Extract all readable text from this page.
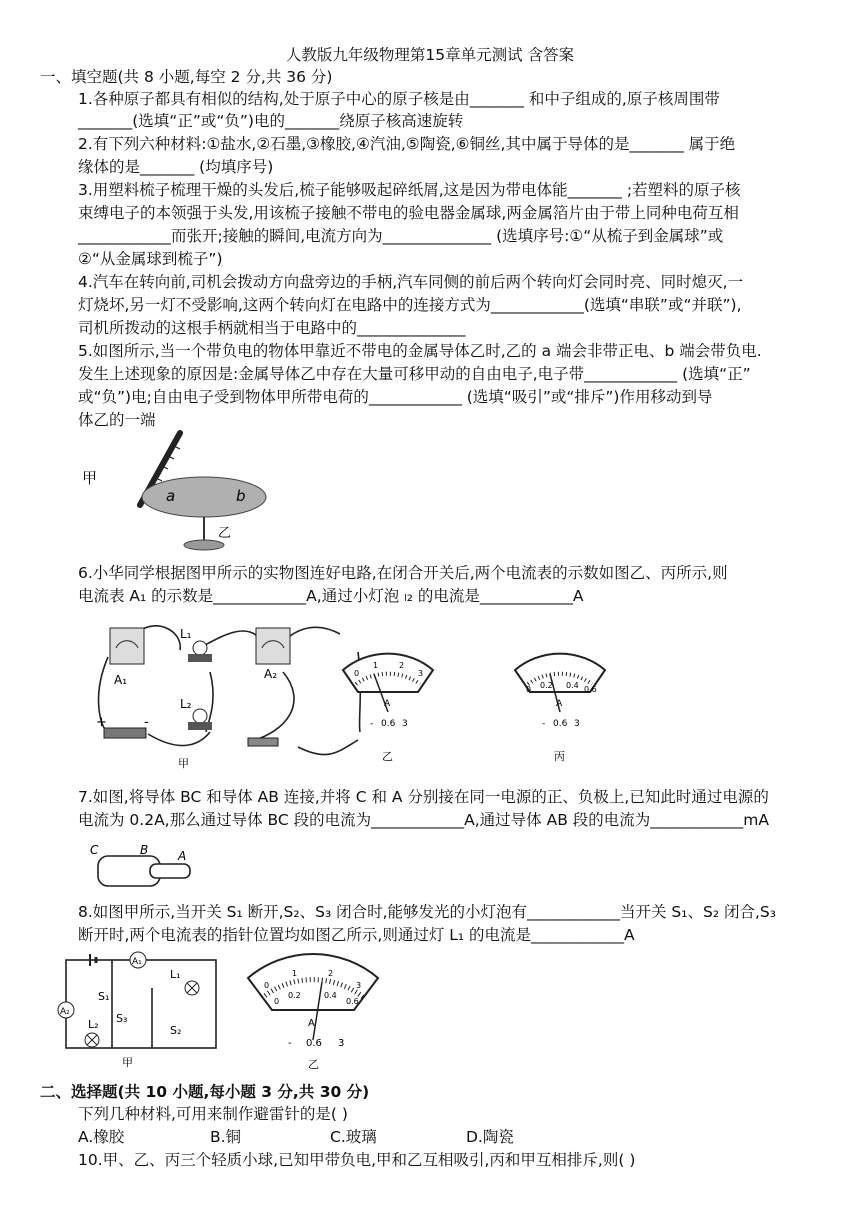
人教版九年级物理第15章单元测试 含答案
一、填空题(共 8 小题,每空 2 分,共 36 分)
1.各种原子都具有相似的结构,处于原子中心的原子核是由_______ 和中子组成的,原子核周围带
_______(选填“正”或“负”)电的_______绕原子核高速旋转
2.有下列六种材料:①盐水,②石墨,③橡胶,④汽油,⑤陶瓷,⑥铜丝,其中属于导体的是_______ 属于绝
缘体的是_______ (均填序号)
3.用塑料梳子梳理干燥的头发后,梳子能够吸起碎纸屑,这是因为带电体能_______ ;若塑料的原子核
束缚电子的本领强于头发,用该梳子接触不带电的验电器金属球,两金属箔片由于带上同种电荷互相
____________而张开;接触的瞬间,电流方向为______________ (选填序号:①“从梳子到金属球”或
②“从金属球到梳子”)
4.汽车在转向前,司机会拨动方向盘旁边的手柄,汽车同侧的前后两个转向灯会同时亮、同时熄灭,一
灯烧坏,另一灯不受影响,这两个转向灯在电路中的连接方式为____________(选填“串联”或“并联”),
司机所拨动的这根手柄就相当于电路中的______________
5.如图所示,当一个带负电的物体甲靠近不带电的金属导体乙时,乙的 a 端会非带正电、b 端会带负电.
发生上述现象的原因是:金属导体乙中存在大量可移甲动的自由电子,电子带____________ (选填“正”
或“负”)电;自由电子受到物体甲所带电荷的____________ (选填“吸引”或“排斥”)作用移动到导
体乙的一端
甲
a	b
乙
6.小华同学根据图甲所示的实物图连好电路,在闭合开关后,两个电流表的示数如图乙、丙所示,则
电流表 A₁ 的示数是____________A,通过小灯泡 ₗ₂ 的电流是____________A
A₁	A₂
L₁
L₂
+	-
甲
0
1	2
3
A
- 0.6 3
乙
0 0.2 0.4 0.6
A
- 0.6 3
丙
7.如图,将导体 BC 和导体 AB 连接,并将 C 和 A 分别接在同一电源的正、负极上,已知此时通过电源的
电流为 0.2A,那么通过导体 BC 段的电流为____________A,通过导体 AB 段的电流为____________mA
C	B A
8.如图甲所示,当开关 S₁ 断开,S₂、S₃ 闭合时,能够发光的小灯泡有____________当开关 S₁、S₂ 闭合,S₃
断开时,两个电流表的指针位置均如图乙所示,则通过灯 L₁ 的电流是____________A
A₁
A₂
L₁
L₂
S₁
S₃
S₂
甲
0
1	2
3
0
0.2	0.4
0.6
A
- 0.6 3
乙
二、选择题(共 10 小题,每小题 3 分,共 30 分)
下列几种材料,可用来制作避雷针的是( )
A.橡胶	B.铜	C.玻璃	D.陶瓷
10.甲、乙、丙三个轻质小球,已知甲带负电,甲和乙互相吸引,丙和甲互相排斥,则( )
